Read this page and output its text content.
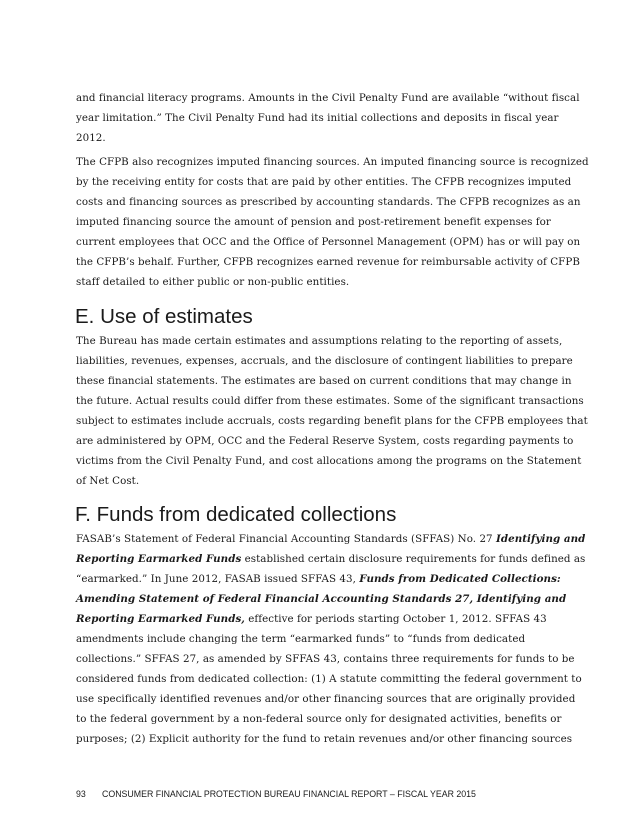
and financial literacy programs. Amounts in the Civil Penalty Fund are available “without fiscal
year limitation.” The Civil Penalty Fund had its initial collections and deposits in fiscal year
2012.

The CFPB also recognizes imputed financing sources. An imputed financing source is recognized
by the receiving entity for costs that are paid by other entities. The CFPB recognizes imputed
costs and financing sources as prescribed by accounting standards. The CFPB recognizes as an
imputed financing source the amount of pension and post-retirement benefit expenses for
current employees that OCC and the Office of Personnel Management (OPM) has or will pay on
the CFPB’s behalf. Further, CFPB recognizes earned revenue for reimbursable activity of CFPB
staff detailed to either public or non-public entities.

E. Use of estimates

The Bureau has made certain estimates and assumptions relating to the reporting of assets,
liabilities, revenues, expenses, accruals, and the disclosure of contingent liabilities to prepare
these financial statements. The estimates are based on current conditions that may change in
the future. Actual results could differ from these estimates. Some of the significant transactions
subject to estimates include accruals, costs regarding benefit plans for the CFPB employees that
are administered by OPM, OCC and the Federal Reserve System, costs regarding payments to
victims from the Civil Penalty Fund, and cost allocations among the programs on the Statement
of Net Cost.

F. Funds from dedicated collections

FASAB’s Statement of Federal Financial Accounting Standards (SFFAS) No. 27 Identifying and
Reporting Earmarked Funds established certain disclosure requirements for funds defined as
“earmarked.” In June 2012, FASAB issued SFFAS 43, Funds from Dedicated Collections:
Amending Statement of Federal Financial Accounting Standards 27, Identifying and
Reporting Earmarked Funds, effective for periods starting October 1, 2012. SFFAS 43
amendments include changing the term “earmarked funds” to “funds from dedicated
collections.” SFFAS 27, as amended by SFFAS 43, contains three requirements for funds to be
considered funds from dedicated collection: (1) A statute committing the federal government to
use specifically identified revenues and/or other financing sources that are originally provided
to the federal government by a non-federal source only for designated activities, benefits or
purposes; (2) Explicit authority for the fund to retain revenues and/or other financing sources

93 CONSUMER FINANCIAL PROTECTION BUREAU FINANCIAL REPORT – FISCAL YEAR 2015
